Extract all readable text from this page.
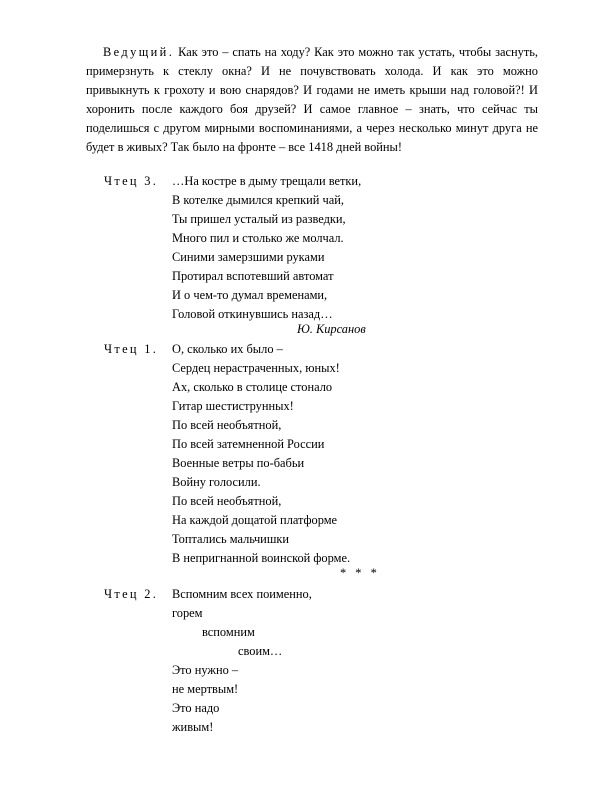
Ведущий. Как это – спать на ходу? Как это можно так устать, чтобы заснуть, примерзнуть к стеклу окна? И не почувствовать холода. И как это можно привыкнуть к грохоту и вою снарядов? И годами не иметь крыши над головой?! И хоронить после каждого боя друзей? И самое главное – знать, что сейчас ты поделишься с другом мирными воспоминаниями, а через несколько минут друга не будет в живых? Так было на фронте – все 1418 дней войны!
Чтец 3. …На костре в дыму трещали ветки,
В котелке дымился крепкий чай,
Ты пришел усталый из разведки,
Много пил и столько же молчал.
Синими замерзшими руками
Протирал вспотевший автомат
И о чем-то думал временами,
Головой откинувшись назад…
Ю. Кирсанов
Чтец 1. О, сколько их было –
Сердец нерастраченных, юных!
Ах, сколько в столице стонало
Гитар шестиструнных!
По всей необъятной,
По всей затемненной России
Военные ветры по-бабьи
Войну голосили.
По всей необъятной,
На каждой дощатой платформе
Топтались мальчишки
В непригнанной воинской форме.
* * *
Чтец 2. Вспомним всех поименно,
горем
вспомним
своим…
Это нужно –
не мертвым!
Это надо
живым!
